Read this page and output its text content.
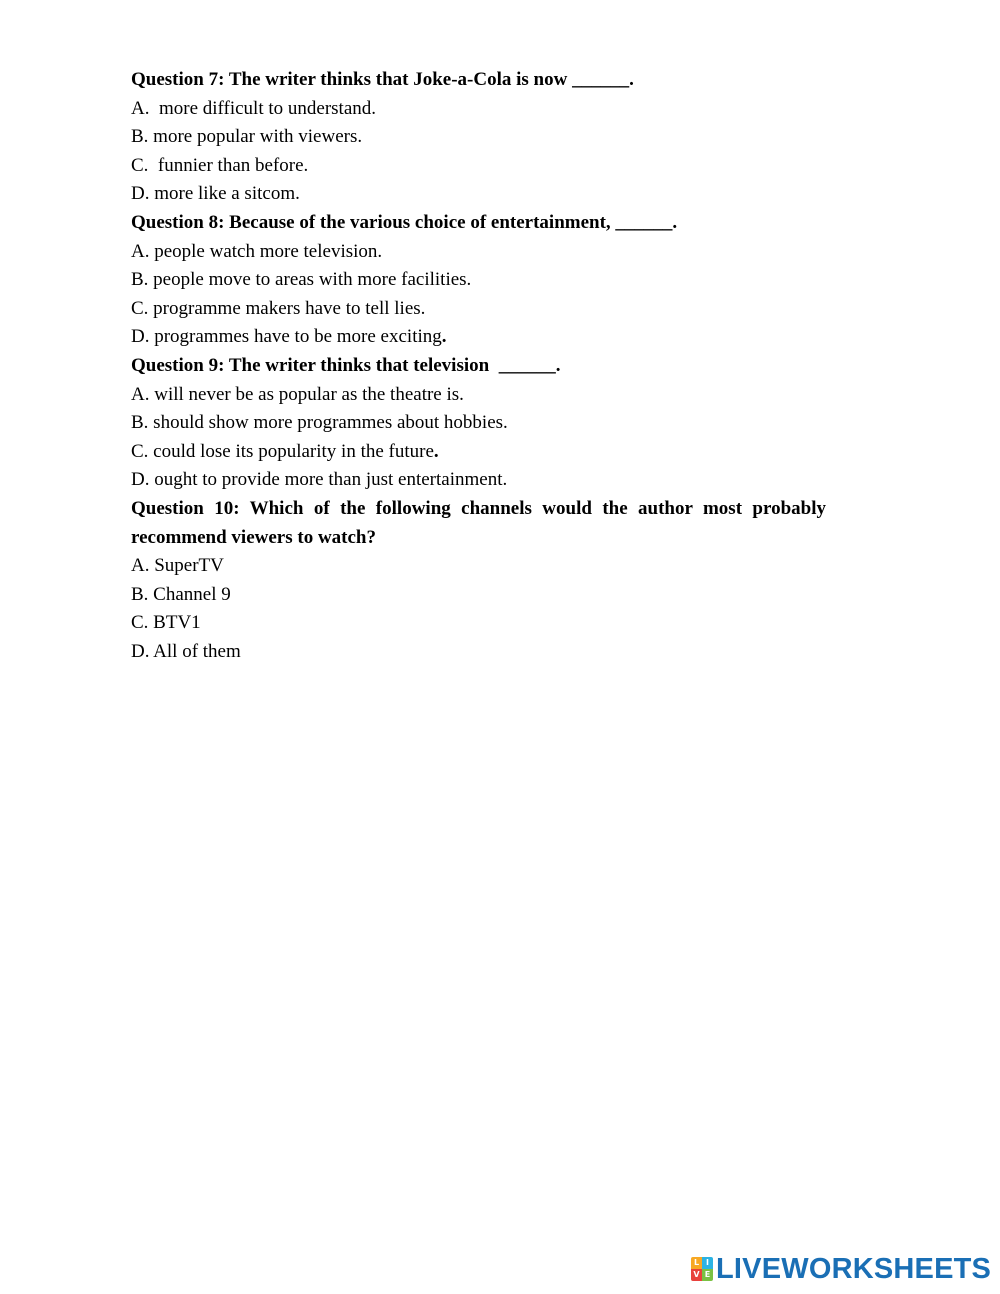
Question 7: The writer thinks that Joke-a-Cola is now ______.
A.  more difficult to understand.
B. more popular with viewers.
C.  funnier than before.
D. more like a sitcom.
Question 8: Because of the various choice of entertainment, ______.
A. people watch more television.
B. people move to areas with more facilities.
C. programme makers have to tell lies.
D. programmes have to be more exciting.
Question 9: The writer thinks that television  ______.
A. will never be as popular as the theatre is.
B. should show more programmes about hobbies.
C. could lose its popularity in the future.
D. ought to provide more than just entertainment.
Question 10: Which of the following channels would the author most probably recommend viewers to watch?
A. SuperTV
B. Channel 9
C. BTV1
D. All of them
L I
V E LIVEWORKSHEETS
